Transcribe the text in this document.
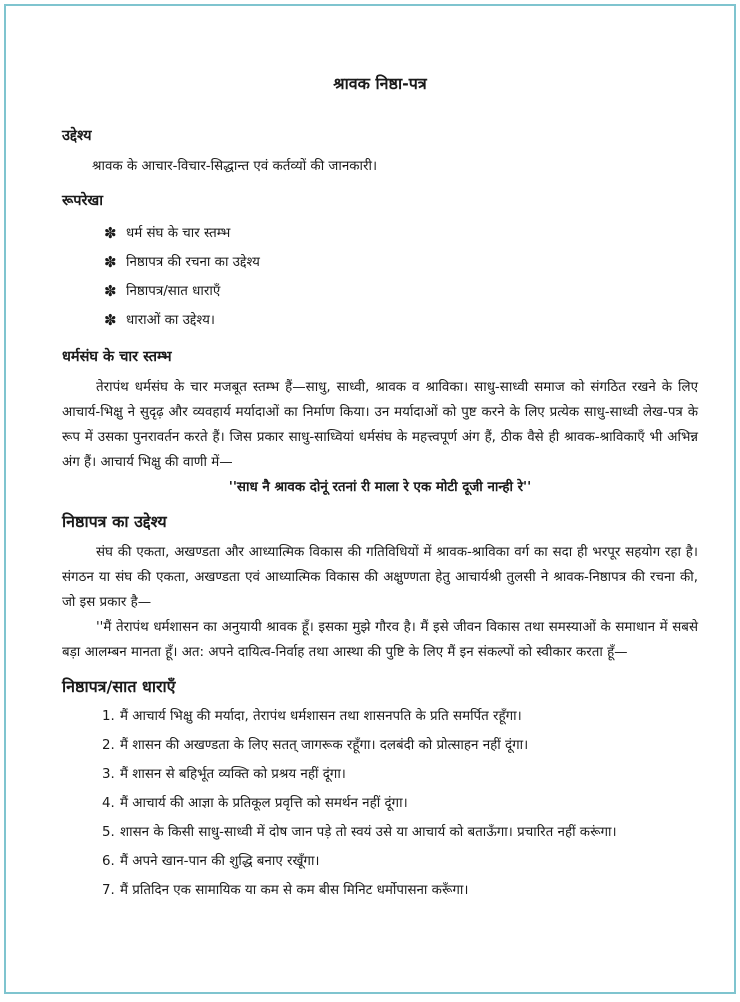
श्रावक निष्ठा-पत्र
उद्देश्य

श्रावक के आचार-विचार-सिद्धान्त एवं कर्तव्यों की जानकारी।

रूपरेखा
✽ धर्म संघ के चार स्तम्भ
✽ निष्ठापत्र की रचना का उद्देश्य
✽ निष्ठापत्र/सात धाराएँ
✽ धाराओं का उद्देश्य।
धर्मसंघ के चार स्तम्भ

तेरापंथ धर्मसंघ के चार मजबूत स्तम्भ हैं—साधु, साध्वी, श्रावक व श्राविका। साधु-साध्वी समाज को संगठित रखने के लिए आचार्य-भिक्षु ने सुदृढ़ और व्यवहार्य मर्यादाओं का निर्माण किया। उन मर्यादाओं को पुष्ट करने के लिए प्रत्येक साधु-साध्वी लेख-पत्र के रूप में उसका पुनरावर्तन करते हैं। जिस प्रकार साधु-साध्वियां धर्मसंघ के महत्त्वपूर्ण अंग हैं, ठीक वैसे ही श्रावक-श्राविकाएँ भी अभिन्न अंग हैं। आचार्य भिक्षु की वाणी में—

''साध नै श्रावक दोनूं रतनां री माला रे एक मोटी दूजी नान्ही रे''
निष्ठापत्र का उद्देश्य

संघ की एकता, अखण्डता और आध्यात्मिक विकास की गतिविधियों में श्रावक-श्राविका वर्ग का सदा ही भरपूर सहयोग रहा है। संगठन या संघ की एकता, अखण्डता एवं आध्यात्मिक विकास की अक्षुण्णता हेतु आचार्यश्री तुलसी ने श्रावक-निष्ठापत्र की रचना की, जो इस प्रकार है—

''मैं तेरापंथ धर्मशासन का अनुयायी श्रावक हूँ। इसका मुझे गौरव है। मैं इसे जीवन विकास तथा समस्याओं के समाधान में सबसे बड़ा आलम्बन मानता हूँ। अत: अपने दायित्व-निर्वाह तथा आस्था की पुष्टि के लिए मैं इन संकल्पों को स्वीकार करता हूँ—

निष्ठापत्र/सात धाराएँ
1. मैं आचार्य भिक्षु की मर्यादा, तेरापंथ धर्मशासन तथा शासनपति के प्रति समर्पित रहूँगा।
2. मैं शासन की अखण्डता के लिए सतत् जागरूक रहूँगा। दलबंदी को प्रोत्साहन नहीं दूंगा।
3. मैं शासन से बहिर्भूत व्यक्ति को प्रश्रय नहीं दूंगा।
4. मैं आचार्य की आज्ञा के प्रतिकूल प्रवृत्ति को समर्थन नहीं दूंगा।
5. शासन के किसी साधु-साध्वी में दोष जान पड़े तो स्वयं उसे या आचार्य को बताऊँगा। प्रचारित नहीं करूंगा।
6. मैं अपने खान-पान की शुद्धि बनाए रखूँगा।
7. मैं प्रतिदिन एक सामायिक या कम से कम बीस मिनिट धर्मोपासना करूँगा।
